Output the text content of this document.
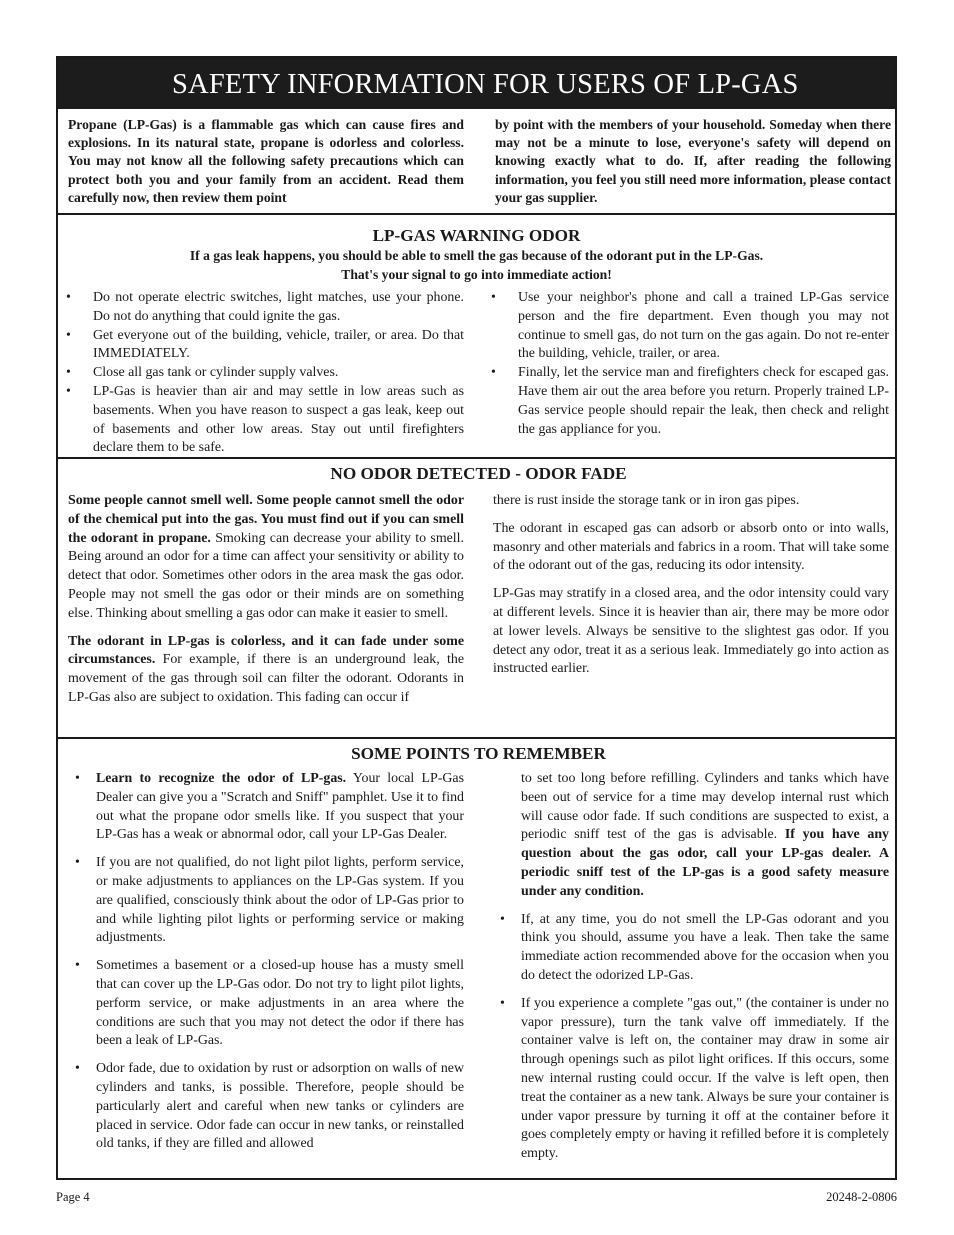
SAFETY INFORMATION FOR USERS OF LP-GAS
Propane (LP-Gas) is a flammable gas which can cause fires and explosions. In its natural state, propane is odorless and colorless. You may not know all the following safety precautions which can protect both you and your family from an accident. Read them carefully now, then review them point
by point with the members of your household. Someday when there may not be a minute to lose, everyone's safety will depend on knowing exactly what to do. If, after reading the following information, you feel you still need more information, please contact your gas supplier.

LP-GAS WARNING ODOR

If a gas leak happens, you should be able to smell the gas because of the odorant put in the LP-Gas.

That's your signal to go into immediate action!

• Do not operate electric switches, light matches, use your phone. Do not do anything that could ignite the gas.
• Get everyone out of the building, vehicle, trailer, or area. Do that IMMEDIATELY.
• Close all gas tank or cylinder supply valves.
• LP-Gas is heavier than air and may settle in low areas such as basements. When you have reason to suspect a gas leak, keep out of basements and other low areas. Stay out until firefighters declare them to be safe.
• Use your neighbor's phone and call a trained LP-Gas service person and the fire department. Even though you may not continue to smell gas, do not turn on the gas again. Do not re-enter the building, vehicle, trailer, or area.
• Finally, let the service man and firefighters check for escaped gas. Have them air out the area before you return. Properly trained LP-Gas service people should repair the leak, then check and relight the gas appliance for you.

NO ODOR DETECTED - ODOR FADE

Some people cannot smell well. Some people cannot smell the odor of the chemical put into the gas. You must find out if you can smell the odorant in propane. Smoking can decrease your ability to smell. Being around an odor for a time can affect your sensitivity or ability to detect that odor. Sometimes other odors in the area mask the gas odor. People may not smell the gas odor or their minds are on something else. Thinking about smelling a gas odor can make it easier to smell.

The odorant in LP-gas is colorless, and it can fade under some circumstances. For example, if there is an underground leak, the movement of the gas through soil can filter the odorant. Odorants in LP-Gas also are subject to oxidation. This fading can occur if

there is rust inside the storage tank or in iron gas pipes.

The odorant in escaped gas can adsorb or absorb onto or into walls, masonry and other materials and fabrics in a room. That will take some of the odorant out of the gas, reducing its odor intensity.

LP-Gas may stratify in a closed area, and the odor intensity could vary at different levels. Since it is heavier than air, there may be more odor at lower levels. Always be sensitive to the slightest gas odor. If you detect any odor, treat it as a serious leak. Immediately go into action as instructed earlier.

SOME POINTS TO REMEMBER

• Learn to recognize the odor of LP-gas. Your local LP-Gas Dealer can give you a "Scratch and Sniff" pamphlet. Use it to find out what the propane odor smells like. If you suspect that your LP-Gas has a weak or abnormal odor, call your LP-Gas Dealer.
• If you are not qualified, do not light pilot lights, perform service, or make adjustments to appliances on the LP-Gas system. If you are qualified, consciously think about the odor of LP-Gas prior to and while lighting pilot lights or performing service or making adjustments.
• Sometimes a basement or a closed-up house has a musty smell that can cover up the LP-Gas odor. Do not try to light pilot lights, perform service, or make adjustments in an area where the conditions are such that you may not detect the odor if there has been a leak of LP-Gas.
• Odor fade, due to oxidation by rust or adsorption on walls of new cylinders and tanks, is possible. Therefore, people should be particularly alert and careful when new tanks or cylinders are placed in service. Odor fade can occur in new tanks, or reinstalled old tanks, if they are filled and allowed
to set too long before refilling. Cylinders and tanks which have been out of service for a time may develop internal rust which will cause odor fade. If such conditions are suspected to exist, a periodic sniff test of the gas is advisable. If you have any question about the gas odor, call your LP-gas dealer. A periodic sniff test of the LP-gas is a good safety measure under any condition.
• If, at any time, you do not smell the LP-Gas odorant and you think you should, assume you have a leak. Then take the same immediate action recommended above for the occasion when you do detect the odorized LP-Gas.
• If you experience a complete "gas out," (the container is under no vapor pressure), turn the tank valve off immediately. If the container valve is left on, the container may draw in some air through openings such as pilot light orifices. If this occurs, some new internal rusting could occur. If the valve is left open, then treat the container as a new tank. Always be sure your container is under vapor pressure by turning it off at the container before it goes completely empty or having it refilled before it is completely empty.
Page 4	20248-2-0806
